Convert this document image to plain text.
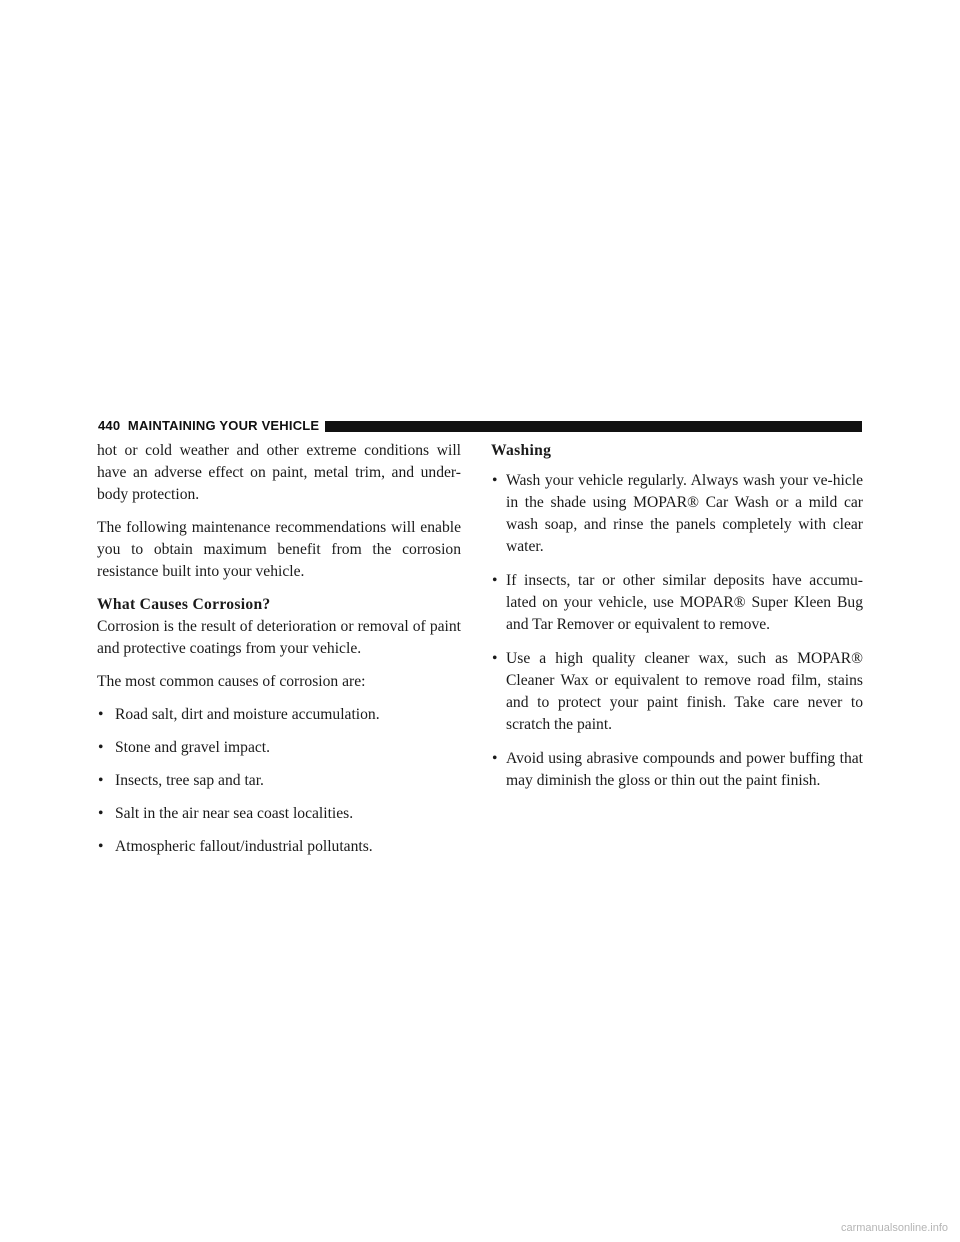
440 MAINTAINING YOUR VEHICLE

hot or cold weather and other extreme conditions will have an adverse effect on paint, metal trim, and under-body protection.

The following maintenance recommendations will enable you to obtain maximum benefit from the corrosion resistance built into your vehicle.

What Causes Corrosion?

Corrosion is the result of deterioration or removal of paint and protective coatings from your vehicle.

The most common causes of corrosion are:

• Road salt, dirt and moisture accumulation.
• Stone and gravel impact.
• Insects, tree sap and tar.
• Salt in the air near sea coast localities.
• Atmospheric fallout/industrial pollutants.
Washing
• Wash your vehicle regularly. Always wash your ve-hicle in the shade using MOPAR® Car Wash or a mild car wash soap, and rinse the panels completely with clear water.
• If insects, tar or other similar deposits have accumu-lated on your vehicle, use MOPAR® Super Kleen Bug and Tar Remover or equivalent to remove.
• Use a high quality cleaner wax, such as MOPAR® Cleaner Wax or equivalent to remove road film, stains and to protect your paint finish. Take care never to scratch the paint.
• Avoid using abrasive compounds and power buffing that may diminish the gloss or thin out the paint finish.
carmanualsonline.info
